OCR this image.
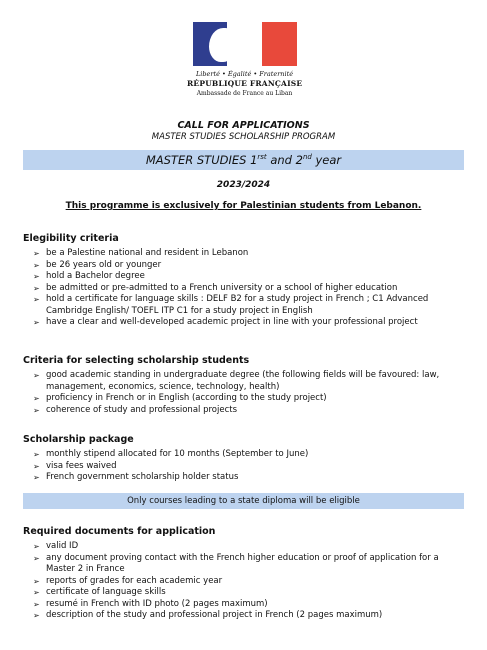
Liberté • Égalité • Fraternité
RÉPUBLIQUE FRANÇAISE
Ambassade de France au Liban
CALL FOR APPLICATIONS
MASTER STUDIES SCHOLARSHIP PROGRAM
MASTER STUDIES $1^{rst}$ and 2nd year
2023/2024
This programme is exclusively for Palestinian students from Lebanon.
Elegibility criteria
➢ be a Palestine national and resident in Lebanon
➢ be 26 years old or younger
➢ hold a Bachelor degree
➢ be admitted or pre-admitted to a French university or a school of higher education
➢ hold a certificate for language skills : DELF B2 for a study project in French ; C1 Advanced
Cambridge English/ TOEFL ITP C1 for a study project in English
➢ have a clear and well-developed academic project in line with your professional project
Criteria for selecting scholarship students
➢ good academic standing in undergraduate degree (the following fields will be favoured: law,
management, economics, science, technology, health)
➢ proficiency in French or in English (according to the study project)
➢ coherence of study and professional projects
Scholarship package
➢ monthly stipend allocated for 10 months (September to June)
➢ visa fees waived
➢ French government scholarship holder status
Only courses leading to a state diploma will be eligible
Required documents for application
➢ valid ID
➢ any document proving contact with the French higher education or proof of application for a
Master 2 in France
➢ reports of grades for each academic year
➢ certificate of language skills
➢ resumé in French with ID photo (2 pages maximum)
➢ description of the study and professional project in French (2 pages maximum)
